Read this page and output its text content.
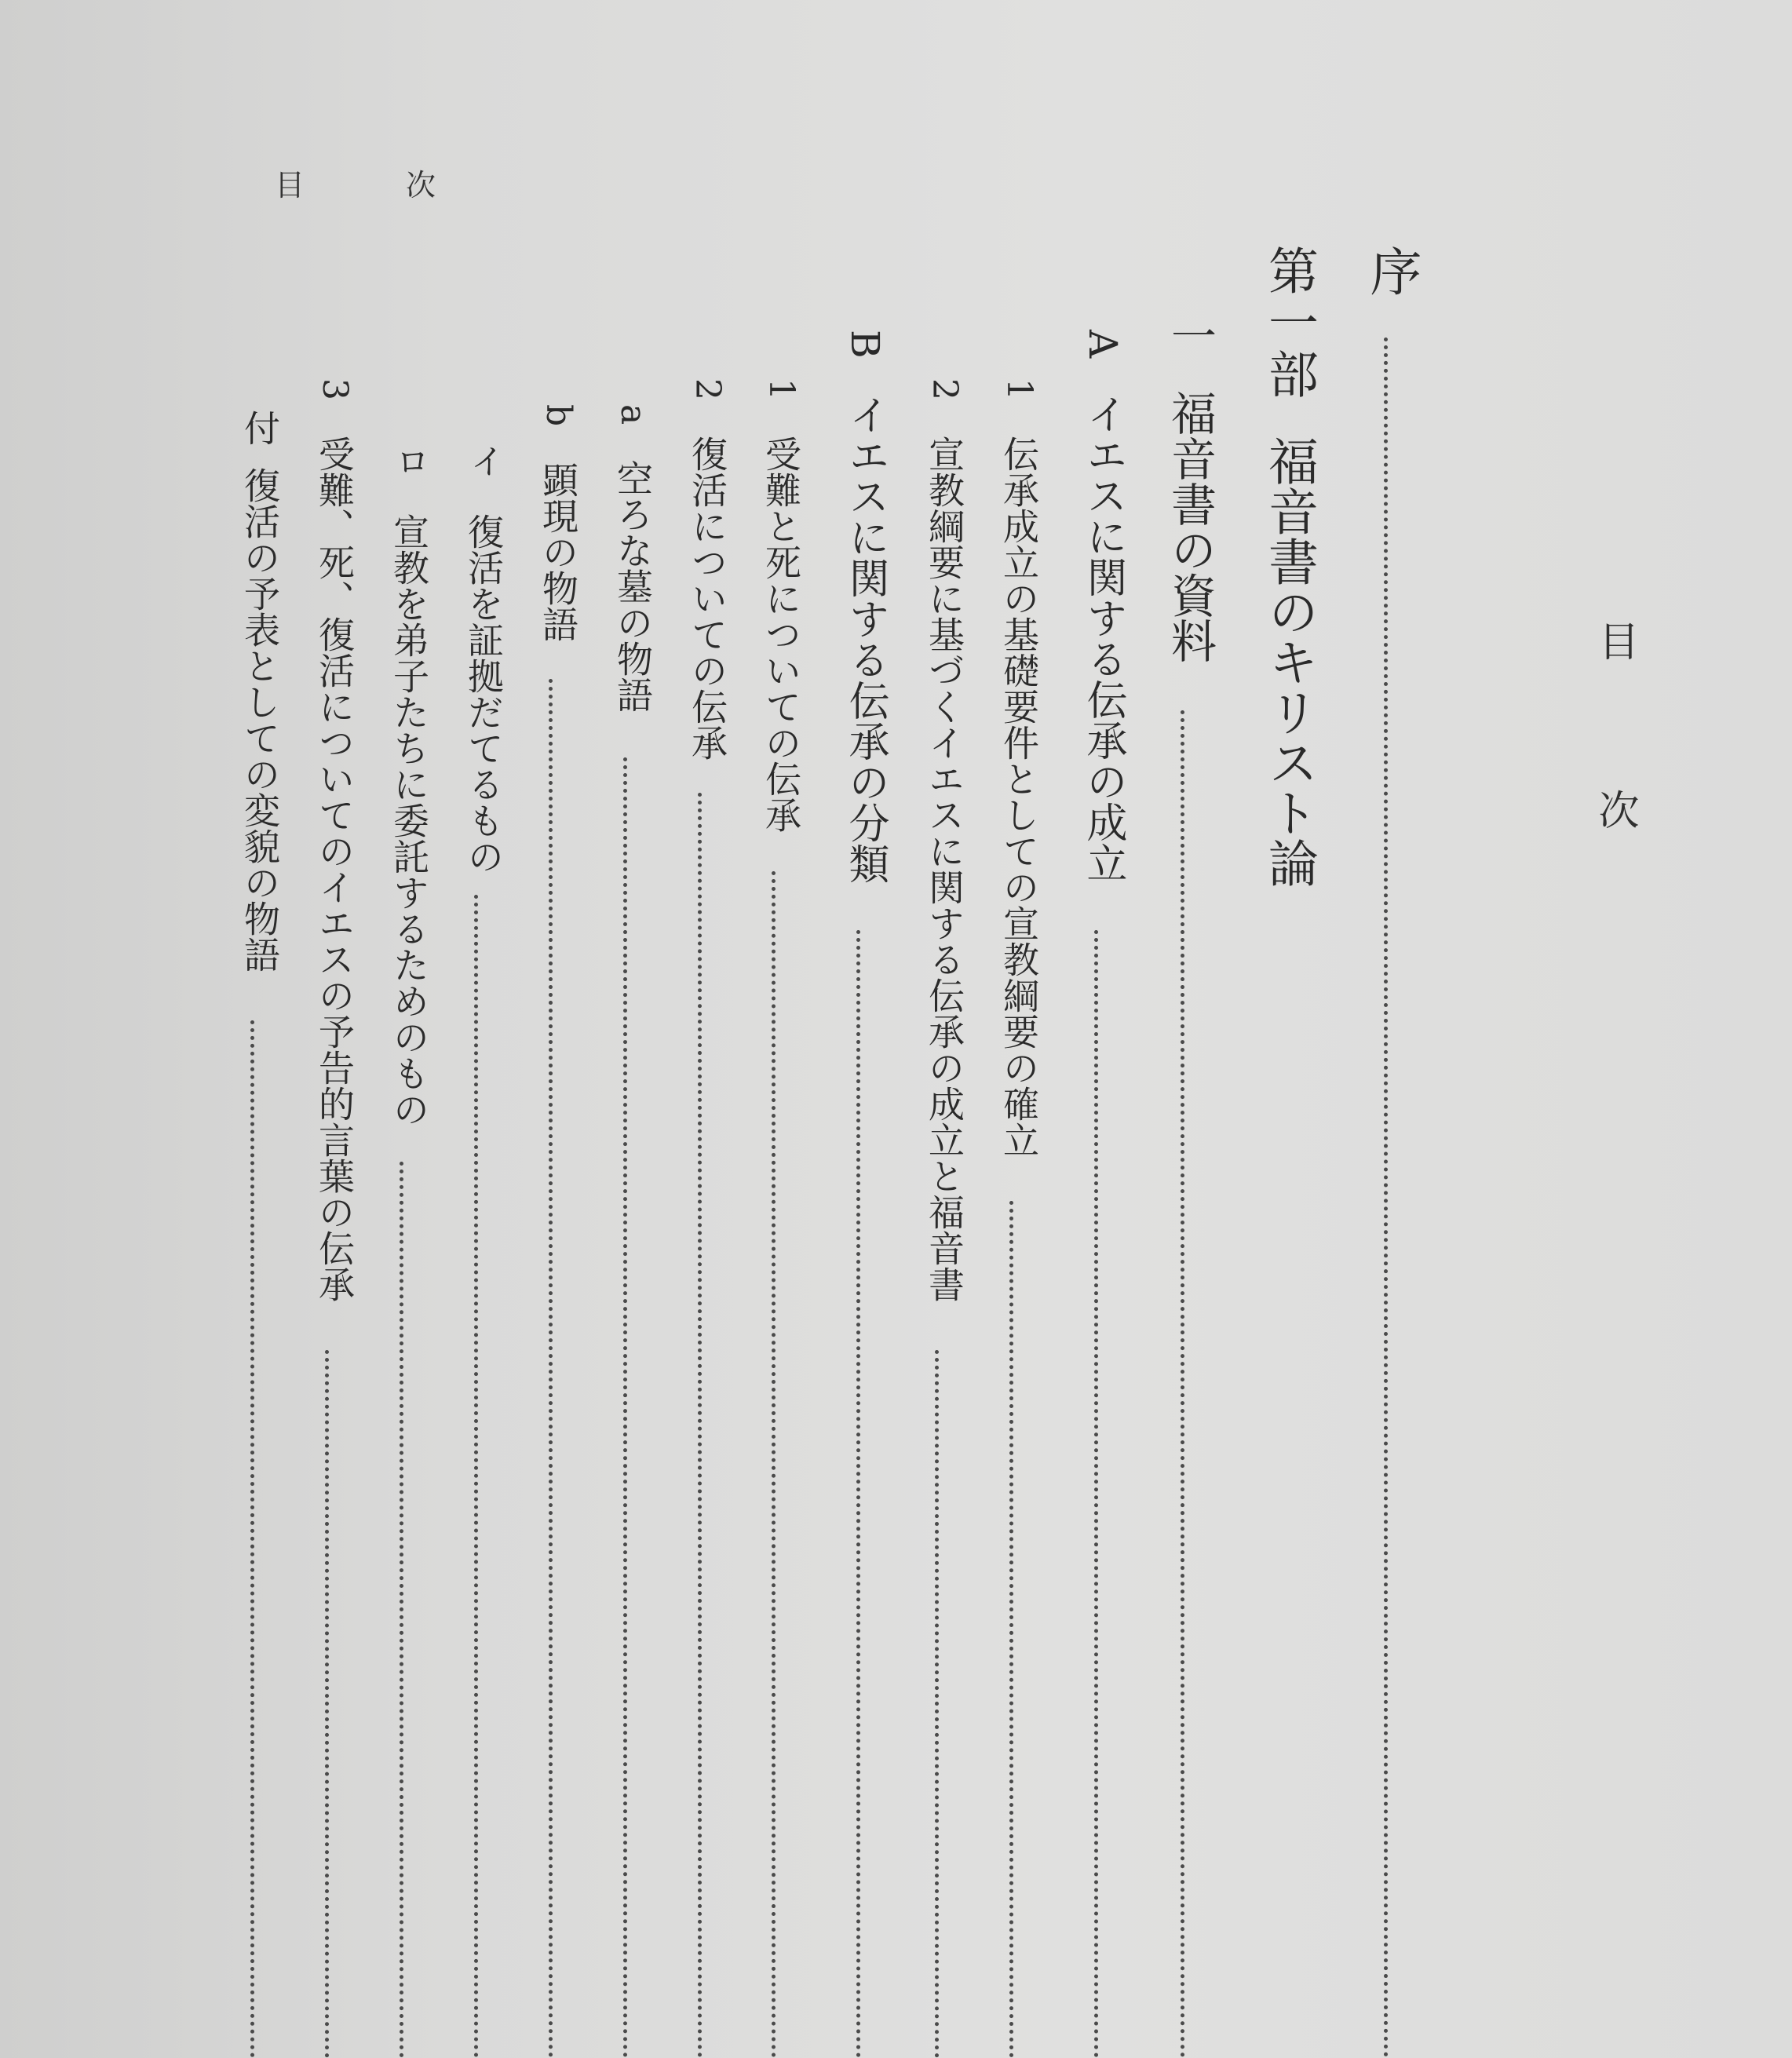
目	次
目
次
序
第一部 福音書のキリスト論
一 福音書の資料
A イエスに関する伝承の成立
1 伝承成立の基礎要件としての宣教綱要の確立
2 宣教綱要に基づくイエスに関する伝承の成立と福音書
B イエスに関する伝承の分類
1 受難と死についての伝承
2 復活についての伝承
a 空ろな墓の物語
b 顕現の物語
イ 復活を証拠だてるもの
ロ 宣教を弟子たちに委託するためのもの
3 受難、死、復活についてのイエスの予告的言葉の伝承
付 復活の予表としての変貌の物語
